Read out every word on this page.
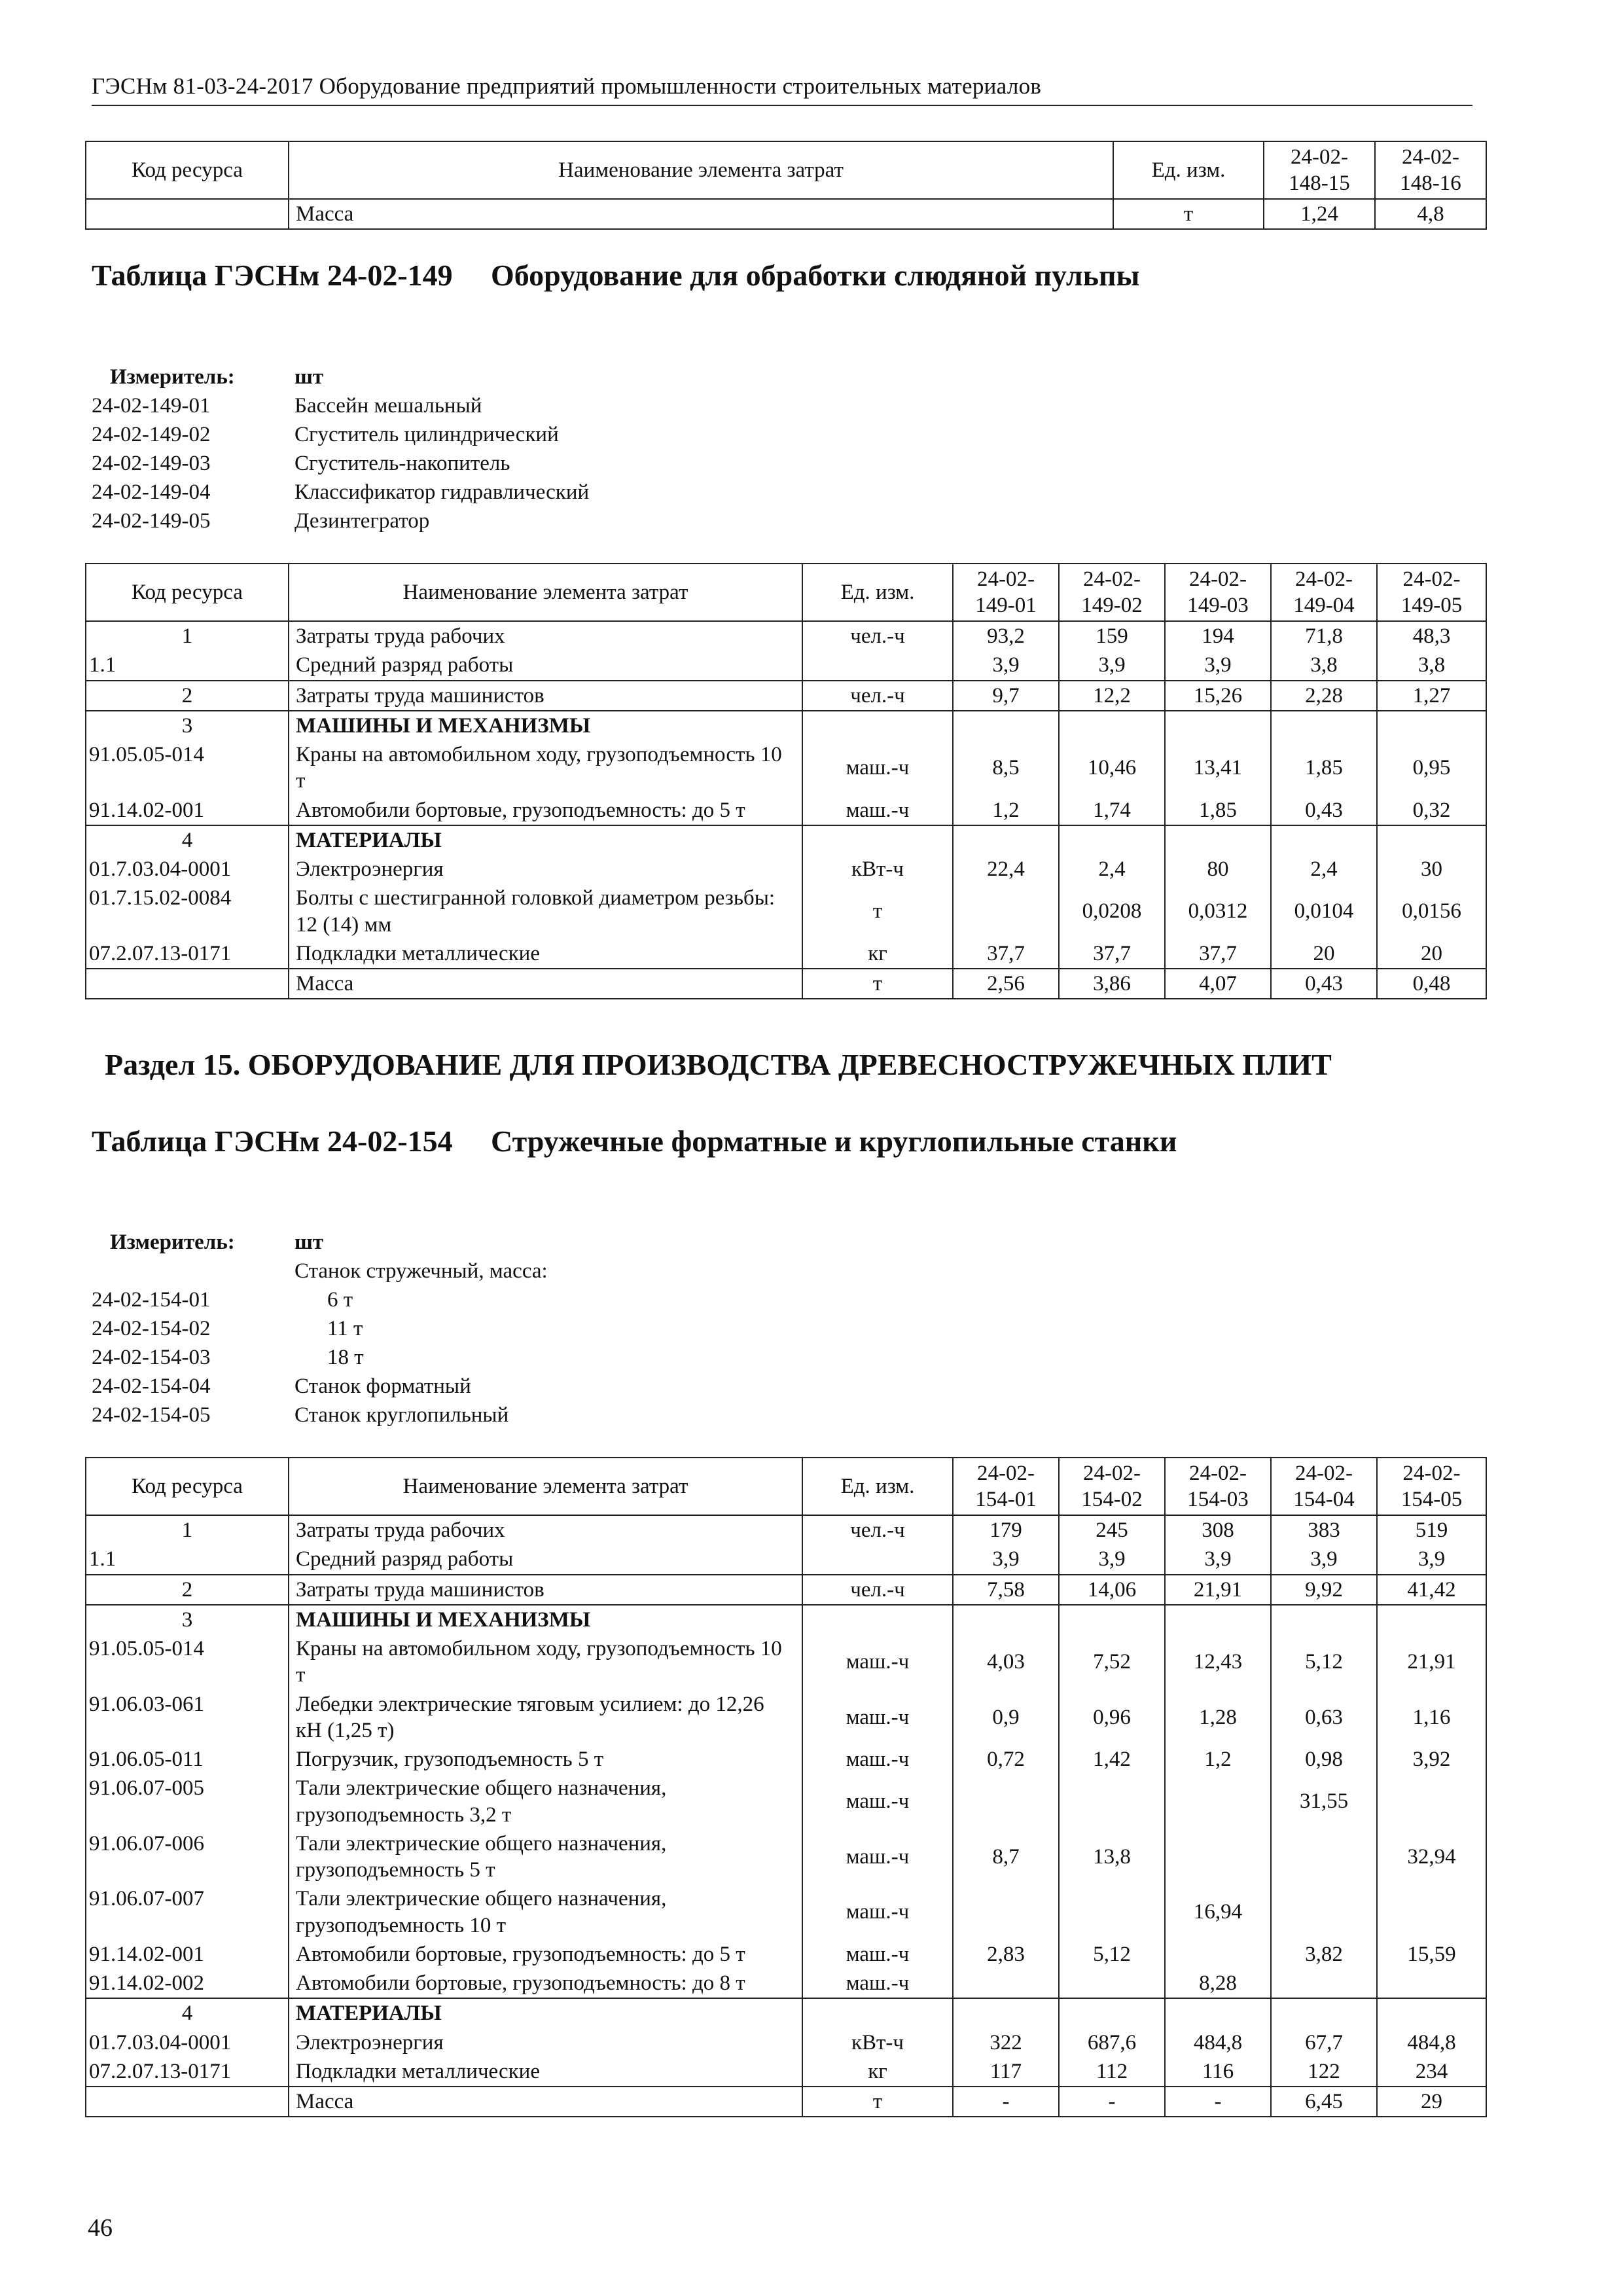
ГЭСНм 81-03-24-2017 Оборудование предприятий промышленности строительных материалов
Код ресурса	Наименование элемента затрат	Ед. изм.	24-02-
148-15	24-02-
148-16
	Масса	т	1,24	4,8
Таблица ГЭСНм 24-02-149 Оборудование для обработки слюдяной пульпы
Измеритель:	шт
24-02-149-01	Бассейн мешальный
24-02-149-02	Сгуститель цилиндрический
24-02-149-03	Сгуститель-накопитель
24-02-149-04	Классификатор гидравлический
24-02-149-05	Дезинтегратор
Код ресурса	Наименование элемента затрат	Ед. изм.	24-02-
149-01	24-02-
149-02	24-02-
149-03	24-02-
149-04	24-02-
149-05
1	Затраты труда рабочих	чел.-ч	93,2	159	194	71,8	48,3
1.1	Средний разряд работы		3,9	3,9	3,9	3,8	3,8
2	Затраты труда машинистов	чел.-ч	9,7	12,2	15,26	2,28	1,27
3	МАШИНЫ И МЕХАНИЗМЫ						
91.05.05-014	Краны на автомобильном ходу, грузоподъемность 10 т	маш.-ч	8,5	10,46	13,41	1,85	0,95
91.14.02-001	Автомобили бортовые, грузоподъемность: до 5 т	маш.-ч	1,2	1,74	1,85	0,43	0,32
4	МАТЕРИАЛЫ						
01.7.03.04-0001	Электроэнергия	кВт-ч	22,4	2,4	80	2,4	30
01.7.15.02-0084	Болты с шестигранной головкой диаметром резьбы: 12 (14) мм	т		0,0208	0,0312	0,0104	0,0156
07.2.07.13-0171	Подкладки металлические	кг	37,7	37,7	37,7	20	20
	Масса	т	2,56	3,86	4,07	0,43	0,48
Раздел 15. ОБОРУДОВАНИЕ ДЛЯ ПРОИЗВОДСТВА ДРЕВЕСНОСТРУЖЕЧНЫХ ПЛИТ
Таблица ГЭСНм 24-02-154 Стружечные форматные и круглопильные станки
Измеритель:	шт
Станок стружечный, масса:
24-02-154-01	6 т
24-02-154-02	11 т
24-02-154-03	18 т
24-02-154-04	Станок форматный
24-02-154-05	Станок круглопильный
Код ресурса	Наименование элемента затрат	Ед. изм.	24-02-
154-01	24-02-
154-02	24-02-
154-03	24-02-
154-04	24-02-
154-05
1	Затраты труда рабочих	чел.-ч	179	245	308	383	519
1.1	Средний разряд работы		3,9	3,9	3,9	3,9	3,9
2	Затраты труда машинистов	чел.-ч	7,58	14,06	21,91	9,92	41,42
3	МАШИНЫ И МЕХАНИЗМЫ						
91.05.05-014	Краны на автомобильном ходу, грузоподъемность 10 т	маш.-ч	4,03	7,52	12,43	5,12	21,91
91.06.03-061	Лебедки электрические тяговым усилием: до 12,26 кН (1,25 т)	маш.-ч	0,9	0,96	1,28	0,63	1,16
91.06.05-011	Погрузчик, грузоподъемность 5 т	маш.-ч	0,72	1,42	1,2	0,98	3,92
91.06.07-005	Тали электрические общего назначения, грузоподъемность 3,2 т	маш.-ч				31,55	
91.06.07-006	Тали электрические общего назначения, грузоподъемность 5 т	маш.-ч	8,7	13,8			32,94
91.06.07-007	Тали электрические общего назначения, грузоподъемность 10 т	маш.-ч			16,94		
91.14.02-001	Автомобили бортовые, грузоподъемность: до 5 т	маш.-ч	2,83	5,12		3,82	15,59
91.14.02-002	Автомобили бортовые, грузоподъемность: до 8 т	маш.-ч			8,28		
4	МАТЕРИАЛЫ						
01.7.03.04-0001	Электроэнергия	кВт-ч	322	687,6	484,8	67,7	484,8
07.2.07.13-0171	Подкладки металлические	кг	117	112	116	122	234
	Масса	т	-	-	-	6,45	29
46
